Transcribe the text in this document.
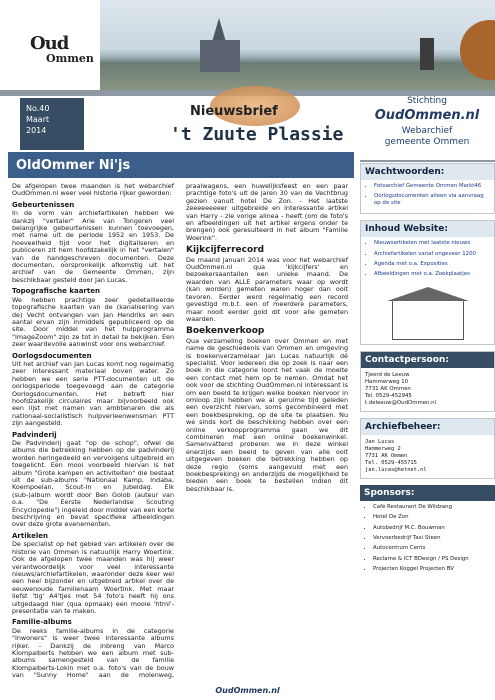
Oud
Ommen
No.40
Maart
2014
Nieuwsbrief
't Zuute Plassie
Stichting
OudOmmen.nl
Webarchief
gemeente Ommen
OldOmmer Ni'js

De afgelopen twee maanden is het webarchief OudOmmen.nl weer veel historie rijker geworden:

Gebeurtenissen

In de vorm van archiefartikelen hebben we dankzij "vertaler" Arie van Tongeren veel belangrijke gebeurtenissen kunnen toevoegen, met name uit de periode 1952 en 1953. De hoeveelheid tijd voor het digitaliseren en publiceren zit hem hoofdzakelijk in het "vertalen" van de handgeschreven documenten. Deze documenten, oorspronkelijk afkomstig uit het archief van de Gemeente Ommen, zijn beschikbaar gesteld door Jan Lucas.

Topografische kaarten

We hebben prachtige zeer gedetailleerde topografische kaarten van de (kanalisering van de) Vecht ontvangen van Jan Hendriks en een aantal ervan zijn inmiddels gepubliceerd op de site. Door middel van het hulpprogramma "ImageZoom" zijn ze tot in detail te bekijken. Een zeer waardevolle aanwinst voor ons webarchief.

Oorlogsdocumenten

Uit het archief van Jan Lucas komt nog regelmatig zeer interessant materiaal boven water. Zo hebben we een serie PTT-documenten uit de oorlogsperiode toegevoegd aan de categorie Oorlogsdocumenten. Het betreft hier hoofdzakelijk circulaires maar bijvoorbeeld ook een lijst met namen van ambtenaren die als nationaal-socialistisch hulpverleenwensman PTT zijn aangesteld.

Padvinderij

De Padvinderij gaat "op de schop", ofwel de albums die betrekking hebben op de padvinderij worden heringedeeld en vervolgens uitgebreid en toegelicht. Een mooi voorbeeld hiervan is het album "Grote kampen en activiteiten" die bestaat uit de sub-albums "Nationaal Kamp, Indaba, Koempoelan, Scout-In en Jubeldag. Elk (sub-)album wordt door Ben Golob (auteur van o.a. "De Eerste Nederlandse Scouting Encyclopedie") ingeleid door middel van een korte beschrijving en bevat specifieke afbeeldingen over deze grote evenementen.

Artikelen

De specialist op het gebied van artikelen over de historie van Ommen is natuurlijk Harry Woertink. Ook de afgelopen twee maanden was hij weer verantwoordelijk voor veel interessante nieuws/archiefartikelen, waaronder deze keer wel een heel bijzonder en uitgebreid artikel over de eeuwenoude familienaam Woertink. Met maar liefst 'tig' A4'tjes met 54 foto's heeft hij ons uitgedaagd hier (qua opmaak) een mooie 'html'-presentatie van te maken.

Familie-albums

De reeks familie-albums in de categorie "Inwoners" is weer twee interessante albums rijker. - Dankzij de inbreng van Marco Klompalberts hebben we een album met sub-albums samengesteld van de familie Klompalberts-Lokin met o.a. foto's van de bouw van "Sunny Home" aan de molenweg, praalwagens, een huwelijksfeest en een paar prachtige foto's uit de jaren 30 van de Vechtbrug gezien vanuit hotel De Zon. - Het laatste zeeeeeeeeer uitgebreide en interessante artikel van Harry - zie vorige alinea - heeft (om de foto's en afbeeldingen uit het artikel ergens onder te brengen) ook geresulteerd in het album "Familie Woerink".

Kijkcijferrecord

De maand januari 2014 was voor het webarchief OudOmmen.nl qua 'kijkcijfers' en bezoekersaantallen een unieke maand. De waarden van ALLE parameters waar op wordt (kan worden) gemeten waren hoger dan ooit tevoren. Eerder werd regelmatig een record gevestigd m.b.t. een of meerdere parameters, maar nooit eerder gold dit voor alle gemeten waarden.

Boekenverkoop

Qua verzameling boeken over Ommen en met name de geschiedenis van Ommen en omgeving is boekenverzamelaar Jan Lucas natuurlijk dé specialist. Voor iedereen die op zoek is naar een boek in die categorie loont het vaak de moeite een contact met hem op te nemen. Omdat het ook voor de stichting OudOmmen.nl interessant is om een beeld te krijgen welke boeken hiervoor in omloop zijn hebben we al geruime tijd geleden een overzicht hiervan, soms gecombineerd met een boekbespreking, op de site te plaatsen. Nu we sinds kort de beschikking hebben over een online verkoopprogramma gaan we dit combineren met een online boekenwinkel. Samenvattend proberen we in deze winkel enerzijds een beeld te geven van alle ooit uitgegeven boeken die betrekking hebben op deze regio (soms aangevuld met een boekbespreking) en anderzijds de mogelijkheid te bieden een boek te bestellen indien dit beschikbaar is.

Wachtwoorden:
• Fotoarchief Gemeente Ommen Markt46
• Oorlogsdocumenten alleen via aanvraag op de site
Inhoud Website:
• Nieuwsartikelen met laatste nieuws
• Archiefartikelen vanaf ongeveer 1200
• Agenda met o.a. Exposities
• Afbeeldingen met o.a. Zoekplaatjes
Contactpersoon:
Tjeerd de Leeuw
Hammerweg 10
7731 AK Ommen
Tel. 0529-452945
t.deleeuw@OudOmmen.nl
Archiefbeheer:
Jan Lucas
Hammerweg 2
7731 AK Ommen
Tel. 0529-455715
jan.lucas@hetnet.nl
Sponsors:
• Café Restaurant De Wildzang
• Hotel De Zon
• Autobedrijf M.C. Bouwman
• Vervoerbedrijf Taxi Steen
• Autocentrum Cents
• Reclame & ICT BDesign / PS Design
• Projecten Koggel Projecten BV
OudOmmen.nl
